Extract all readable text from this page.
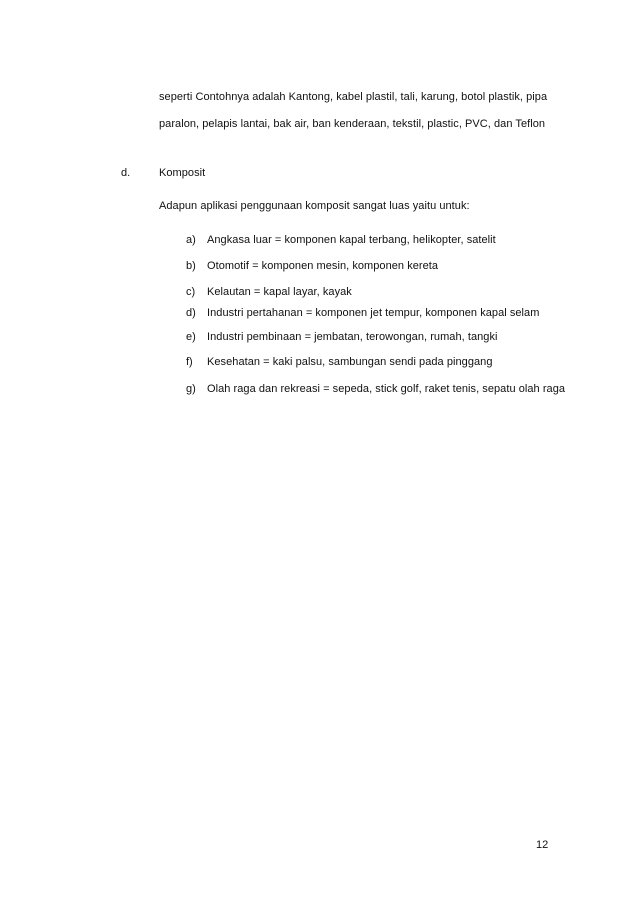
seperti Contohnya adalah Kantong, kabel plastil, tali, karung, botol plastik, pipa
paralon, pelapis lantai, bak air, ban kenderaan, tekstil, plastic, PVC, dan Teflon
d.	Komposit
Adapun aplikasi penggunaan komposit sangat luas yaitu untuk:
a) Angkasa luar = komponen kapal terbang, helikopter, satelit
b) Otomotif = komponen mesin, komponen kereta
c) Kelautan = kapal layar, kayak
d) Industri pertahanan = komponen jet tempur, komponen kapal selam
e) Industri pembinaan = jembatan, terowongan, rumah, tangki
f) Kesehatan = kaki palsu, sambungan sendi pada pinggang
g) Olah raga dan rekreasi = sepeda, stick golf, raket tenis, sepatu olah raga
12
